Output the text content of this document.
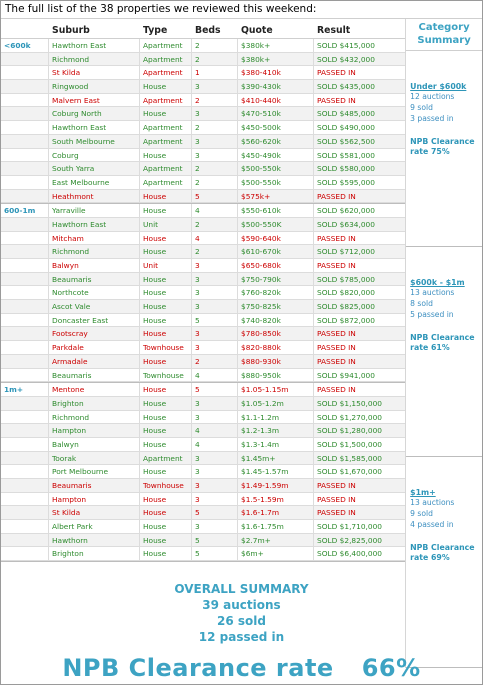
The full list of the 38 properties we reviewed this weekend:
Suburb	Type	Beds	Quote	Result
<600k	Hawthorn East	Apartment	2	$380k+	SOLD $415,000
Richmond	Apartment	2	$380k+	SOLD $432,000
St Kilda	Apartment	1	$380-410k	PASSED IN
Ringwood	House	3	$390-430k	SOLD $435,000
Malvern East	Apartment	2	$410-440k	PASSED IN
Coburg North	House	3	$470-510k	SOLD $485,000
Hawthorn East	Apartment	2	$450-500k	SOLD $490,000
South Melbourne	Apartment	3	$560-620k	SOLD $562,500
Coburg	House	3	$450-490k	SOLD $581,000
South Yarra	Apartment	2	$500-550k	SOLD $580,000
East Melbourne	Apartment	2	$500-550k	SOLD $595,000
Heathmont	House	5	$575k+	PASSED IN
600-1m	Yarraville	House	4	$550-610k	SOLD $620,000
Hawthorn East	Unit	2	$500-550K	SOLD $634,000
Mitcham	House	4	$590-640k	PASSED IN
Richmond	House	2	$610-670k	SOLD $712,000
Balwyn	Unit	3	$650-680k	PASSED IN
Beaumaris	House	3	$750-790k	SOLD $785,000
Northcote	House	3	$760-820k	SOLD $820,000
Ascot Vale	House	3	$750-825k	SOLD $825,000
Doncaster East	House	5	$740-820k	SOLD $872,000
Footscray	House	3	$780-850k	PASSED IN
Parkdale	Townhouse	3	$820-880k	PASSED IN
Armadale	House	2	$880-930k	PASSED IN
Beaumaris	Townhouse	4	$880-950k	SOLD $941,000
1m+	Mentone	House	5	$1.05-1.15m	PASSED IN
Brighton	House	3	$1.05-1.2m	SOLD $1,150,000
Richmond	House	3	$1.1-1.2m	SOLD $1,270,000
Hampton	House	4	$1.2-1.3m	SOLD $1,280,000
Balwyn	House	4	$1.3-1.4m	SOLD $1,500,000
Toorak	Apartment	3	$1.45m+	SOLD $1,585,000
Port Melbourne	House	3	$1.45-1.57m	SOLD $1,670,000
Beaumaris	Townhouse	3	$1.49-1.59m	PASSED IN
Hampton	House	3	$1.5-1.59m	PASSED IN
St Kilda	House	5	$1.6-1.7m	PASSED IN
Albert Park	House	3	$1.6-1.75m	SOLD $1,710,000
Hawthorn	House	5	$2.7m+	SOLD $2,825,000
Brighton	House	5	$6m+	SOLD $6,400,000
Category Summary
Under $600k
12 auctions
9 sold
3 passed in
NPB Clearance rate 75%
$600k - $1m
13 auctions
8 sold
5 passed in
NPB Clearance rate 61%
$1m+
13 auctions
9 sold
4 passed in
NPB Clearance rate 69%
OVERALL SUMMARY
39 auctions
26 sold
12 passed in
NPB Clearance rate 66%
